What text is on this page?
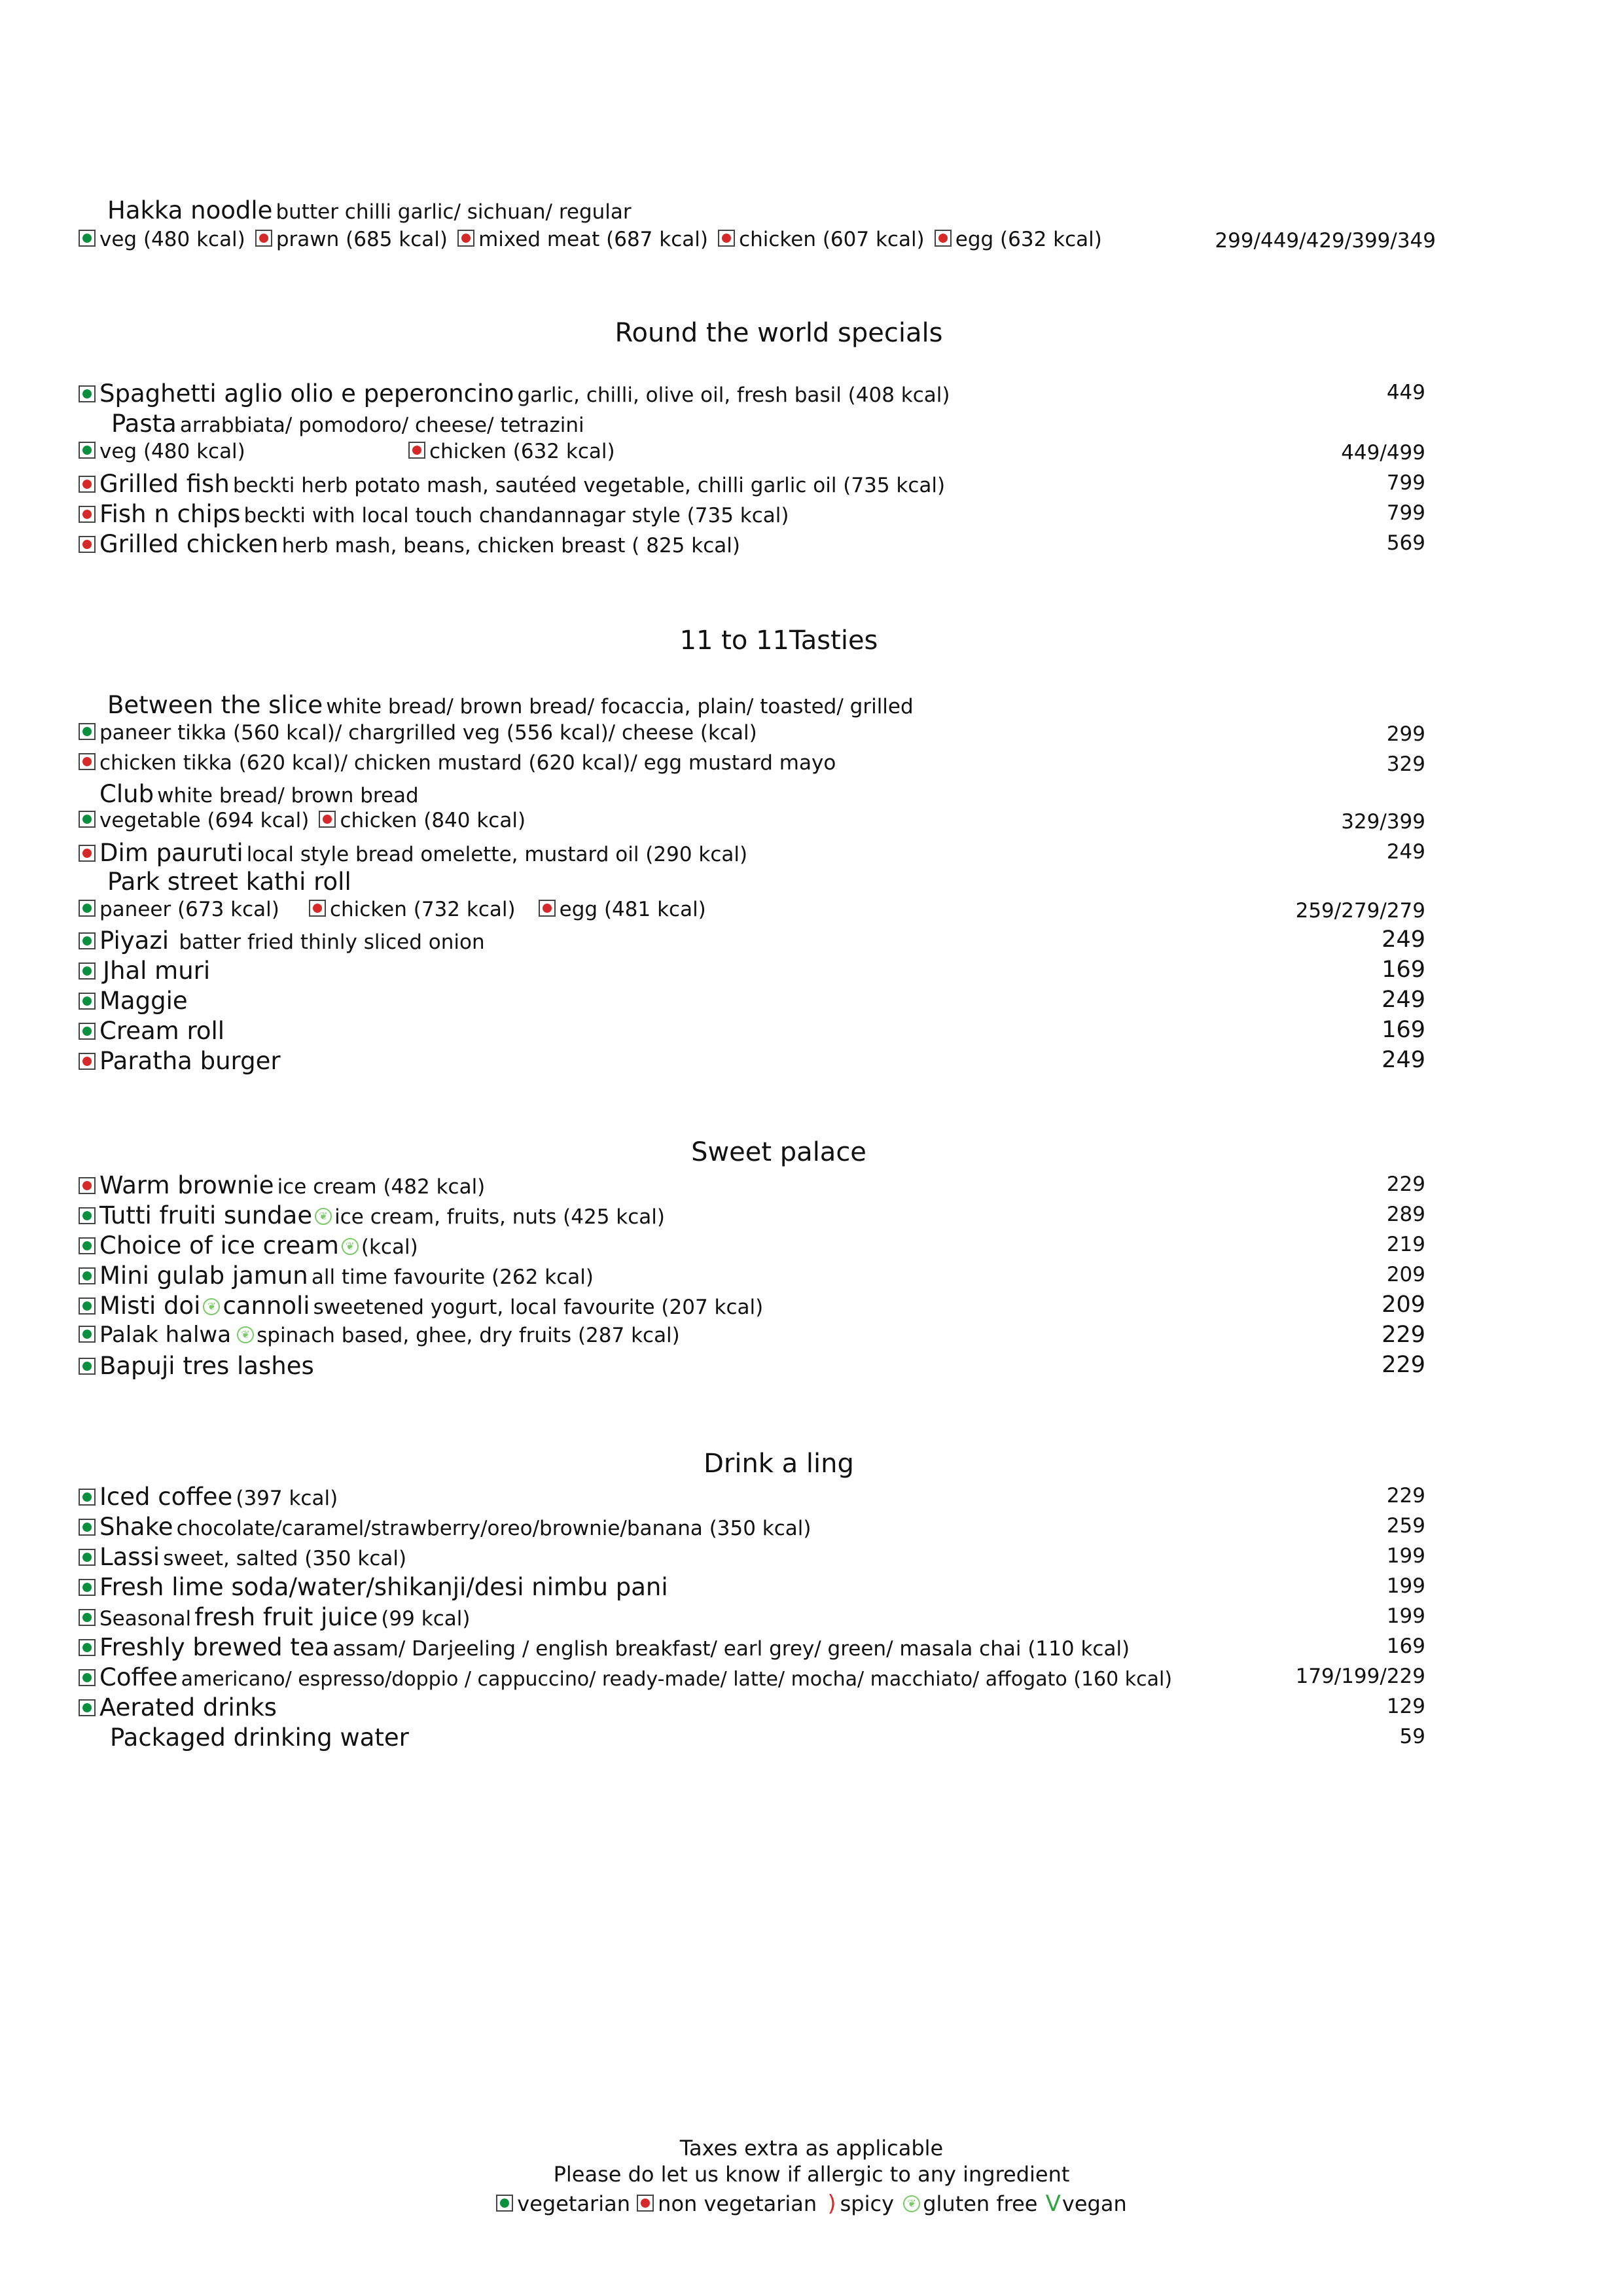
Hakka noodle butter chilli garlic/ sichuan/ regular
veg (480 kcal) prawn (685 kcal) mixed meat (687 kcal) chicken (607 kcal) egg (632 kcal)	299/449/429/399/349
Round the world specials
Spaghetti aglio olio e peperoncino garlic, chilli, olive oil, fresh basil (408 kcal)	449
Pasta arrabbiata/ pomodoro/ cheese/ tetrazini
veg (480 kcal)	chicken (632 kcal)	449/499
Grilled fish beckti herb potato mash, sautéed vegetable, chilli garlic oil (735 kcal)	799
Fish n chips beckti with local touch chandannagar style (735 kcal)	799
Grilled chicken herb mash, beans, chicken breast ( 825 kcal)	569
11 to 11Tasties
Between the slice white bread/ brown bread/ focaccia, plain/ toasted/ grilled
paneer tikka (560 kcal)/ chargrilled veg (556 kcal)/ cheese (kcal)	299
chicken tikka (620 kcal)/ chicken mustard (620 kcal)/ egg mustard mayo	329
Club white bread/ brown bread
vegetable (694 kcal) chicken (840 kcal)	329/399
Dim pauruti local style bread omelette, mustard oil (290 kcal)	249
Park street kathi roll
paneer (673 kcal) chicken (732 kcal) egg (481 kcal)	259/279/279
Piyazi batter fried thinly sliced onion	249
Jhal muri	169
Maggie	249
Cream roll	169
Paratha burger	249
Sweet palace
Warm brownie ice cream (482 kcal)	229
Tutti fruiti sundae ❦ ice cream, fruits, nuts (425 kcal)	289
Choice of ice cream ❦ (kcal)	219
Mini gulab jamun all time favourite (262 kcal)	209
Misti doi ❦ cannoli sweetened yogurt, local favourite (207 kcal)	209
Palak halwa ❦ spinach based, ghee, dry fruits (287 kcal)	229
Bapuji tres lashes	229
Drink a ling
Iced coffee (397 kcal)	229
Shake chocolate/caramel/strawberry/oreo/brownie/banana (350 kcal)	259
Lassi sweet, salted (350 kcal)	199
Fresh lime soda/water/shikanji/desi nimbu pani	199
Seasonal fresh fruit juice (99 kcal)	199
Freshly brewed tea assam/ Darjeeling / english breakfast/ earl grey/ green/ masala chai (110 kcal)	169
Coffee americano/ espresso/doppio / cappuccino/ ready-made/ latte/ mocha/ macchiato/ affogato (160 kcal)	179/199/229
Aerated drinks	129
Packaged drinking water	59
Taxes extra as applicable
Please do let us know if allergic to any ingredient
vegetarian non vegetarian ) spicy ❦ gluten free Vvegan
